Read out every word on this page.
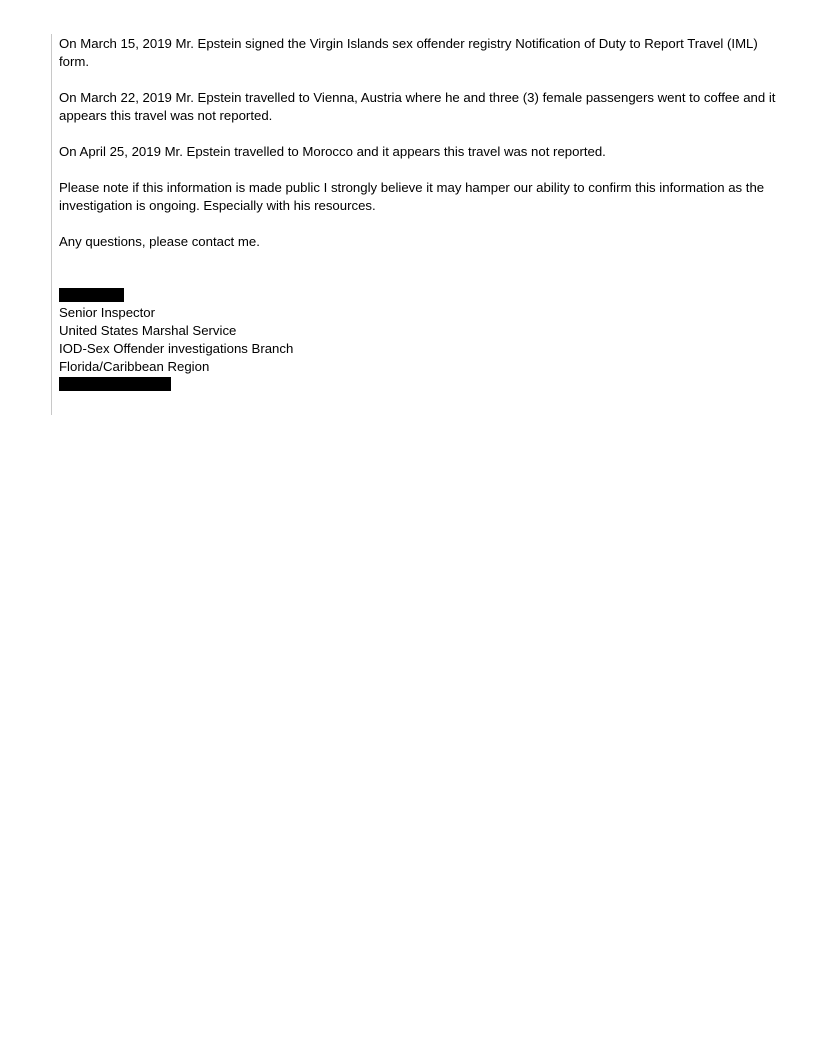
On March 15, 2019 Mr. Epstein signed the Virgin Islands sex offender registry Notification of Duty to Report Travel (IML) form.

On March 22, 2019 Mr. Epstein travelled to Vienna, Austria where he and three (3) female passengers went to coffee and it appears this travel was not reported.

On April 25, 2019 Mr. Epstein travelled to Morocco and it appears this travel was not reported.

Please note if this information is made public I strongly believe it may hamper our ability to confirm this information as the investigation is ongoing. Especially with his resources.

Any questions, please contact me.

Senior Inspector

United States Marshal Service

IOD-Sex Offender investigations Branch

Florida/Caribbean Region
